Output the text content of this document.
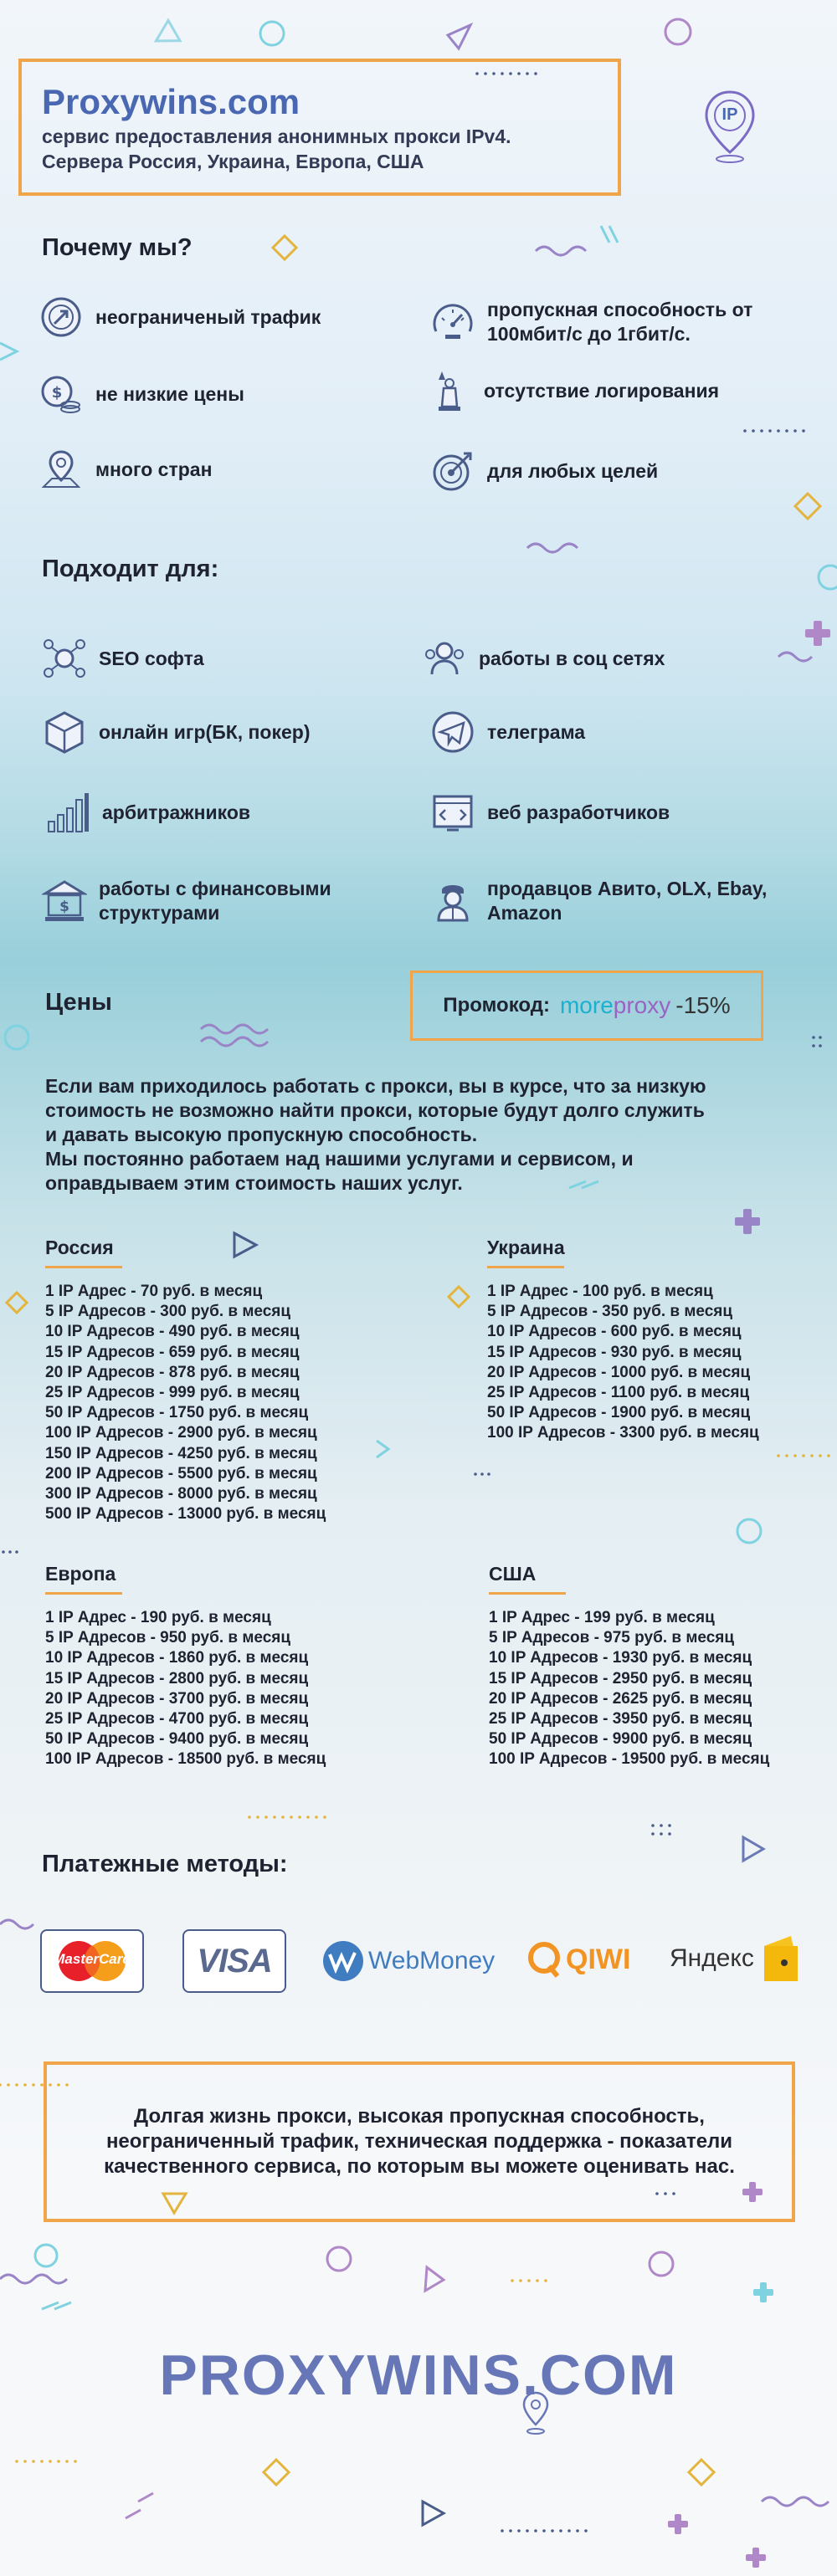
Proxywins.com
сервис предоставления анонимных прокси IPv4.
Сервера Россия, Украина, Европа, США
IP
Почему мы?
неограниченый трафик	пропускная способность от 100мбит/с до 1гбит/с.
$ не низкие цены	отсутствие логирования
много стран	для любых целей
Подходит для:
SEO софта	работы в соц сетях
онлайн игр(БК, покер)	телеграма
арбитражников	веб разработчиков
$
работы с финансовыми структурами
продавцов Авито, OLX, Ebay, Amazon
Цены	Промокод: more proxy -15%
Если вам приходилось работать с прокси, вы в курсе, что за низкую
стоимость не возможно найти прокси, которые будут долго служить
и давать высокую пропускную способность.
Мы постоянно работаем над нашими услугами и сервисом, и
оправдываем этим стоимость наших услуг.
Россия
1 IP Адрес - 70 руб. в месяц
5 IP Адресов - 300 руб. в месяц
10 IP Адресов - 490 руб. в месяц
15 IP Адресов - 659 руб. в месяц
20 IP Адресов - 878 руб. в месяц
25 IP Адресов - 999 руб. в месяц
50 IP Адресов - 1750 руб. в месяц
100 IP Адресов - 2900 руб. в месяц
150 IP Адресов - 4250 руб. в месяц
200 IP Адресов - 5500 руб. в месяц
300 IP Адресов - 8000 руб. в месяц
500 IP Адресов - 13000 руб. в месяц
Украина
1 IP Адрес - 100 руб. в месяц
5 IP Адресов - 350 руб. в месяц
10 IP Адресов - 600 руб. в месяц
15 IP Адресов - 930 руб. в месяц
20 IP Адресов - 1000 руб. в месяц
25 IP Адресов - 1100 руб. в месяц
50 IP Адресов - 1900 руб. в месяц
100 IP Адресов - 3300 руб. в месяц
Европа
1 IP Адрес - 190 руб. в месяц
5 IP Адресов - 950 руб. в месяц
10 IP Адресов - 1860 руб. в месяц
15 IP Адресов - 2800 руб. в месяц
20 IP Адресов - 3700 руб. в месяц
25 IP Адресов - 4700 руб. в месяц
50 IP Адресов - 9400 руб. в месяц
100 IP Адресов - 18500 руб. в месяц
США
1 IP Адрес - 199 руб. в месяц
5 IP Адресов - 975 руб. в месяц
10 IP Адресов - 1930 руб. в месяц
15 IP Адресов - 2950 руб. в месяц
20 IP Адресов - 2625 руб. в месяц
25 IP Адресов - 3950 руб. в месяц
50 IP Адресов - 9900 руб. в месяц
100 IP Адресов - 19500 руб. в месяц
Платежные методы:
MasterCard	VISA	WebMoney QIWI Яндекс
Долгая жизнь прокси, высокая пропускная способность,
неограниченный трафик, техническая поддержка - показатели
качественного сервиса, по которым вы можете оценивать нас.
PROXYWINS.COM
